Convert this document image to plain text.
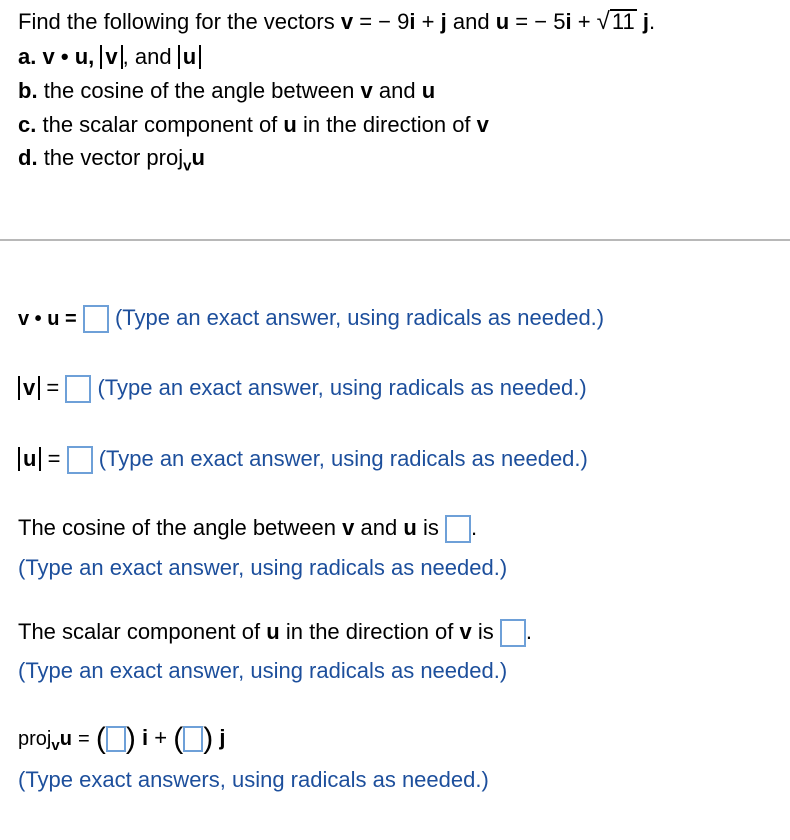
Find the following for the vectors v = − 9i + j and u = − 5i + √11 j.
a. v • u, v , and u
b. the cosine of the angle between v and u
c. the scalar component of u in the direction of v
d. the vector proj$_v$u
v • u = (Type an exact answer, using radicals as needed.)
v = (Type an exact answer, using radicals as needed.)
u = (Type an exact answer, using radicals as needed.)
The cosine of the angle between v and u is .
(Type an exact answer, using radicals as needed.)
The scalar component of u in the direction of v is .
(Type an exact answer, using radicals as needed.)
proj$_v$u = ( ) i + ( ) j
(Type exact answers, using radicals as needed.)
